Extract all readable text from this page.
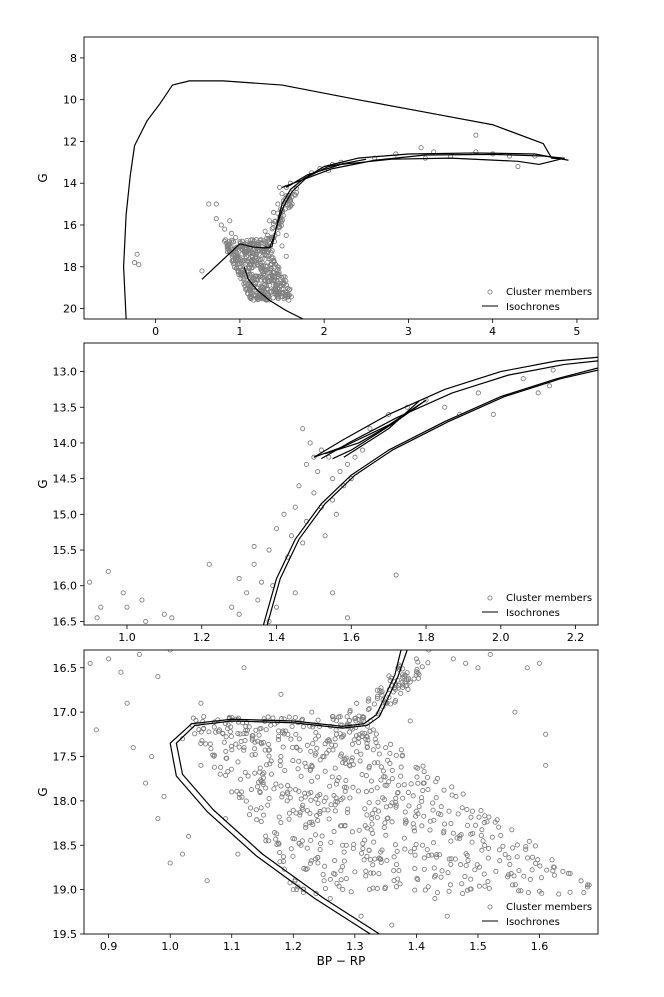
0	1	2	3	4	5
8
10
12
14
16
18
20
G
Cluster members
Isochrones
1.0	1.2	1.4	1.6	1.8	2.0	2.2
13.0
13.5
14.0
14.5
15.0
15.5
16.0
16.5
G
Cluster members
Isochrones
0.9	1.0	1.1	1.2	1.3	1.4	1.5	1.6
16.5
17.0
17.5
18.0
18.5
19.0
19.5
G
BP − RP
Cluster members
Isochrones
